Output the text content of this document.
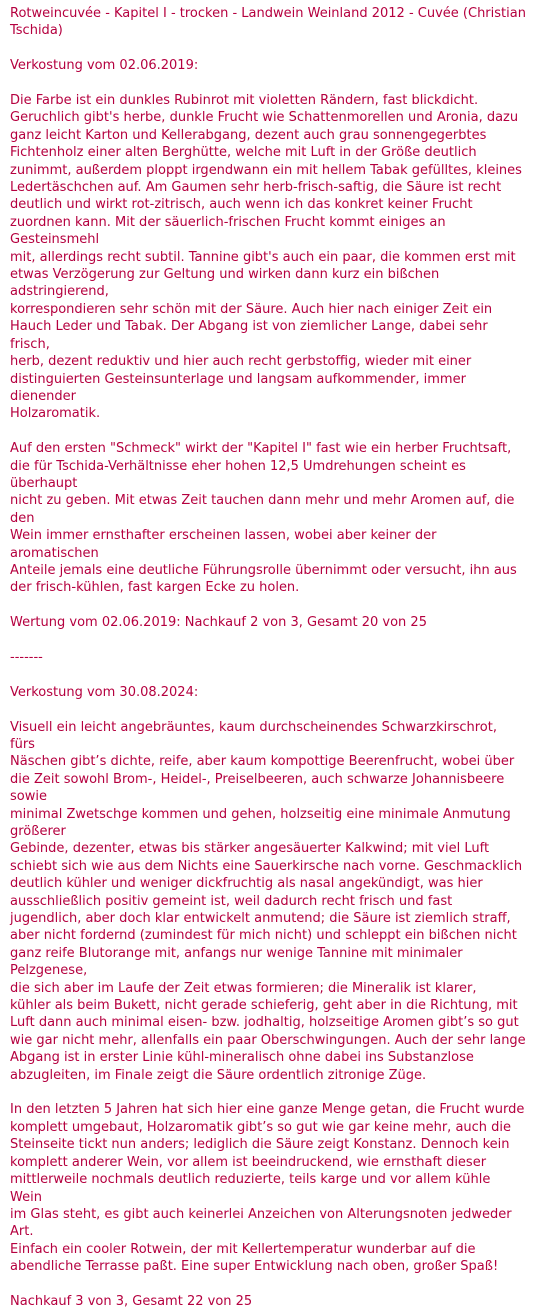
Rotweincuvée - Kapitel I - trocken - Landwein Weinland 2012 - Cuvée (Christian Tschida)

Verkostung vom 02.06.2019:

Die Farbe ist ein dunkles Rubinrot mit violetten Rändern, fast blickdicht.
Geruchlich gibt's herbe, dunkle Frucht wie Schattenmorellen und Aronia, dazu
ganz leicht Karton und Kellerabgang, dezent auch grau sonnengegerbtes
Fichtenholz einer alten Berghütte, welche mit Luft in der Größe deutlich
zunimmt, außerdem ploppt irgendwann ein mit hellem Tabak gefülltes, kleines
Ledertäschchen auf. Am Gaumen sehr herb-frisch-saftig, die Säure ist recht
deutlich und wirkt rot-zitrisch, auch wenn ich das konkret keiner Frucht
zuordnen kann. Mit der säuerlich-frischen Frucht kommt einiges an Gesteinsmehl
mit, allerdings recht subtil. Tannine gibt's auch ein paar, die kommen erst mit
etwas Verzögerung zur Geltung und wirken dann kurz ein bißchen adstringierend,
korrespondieren sehr schön mit der Säure. Auch hier nach einiger Zeit ein
Hauch Leder und Tabak. Der Abgang ist von ziemlicher Lange, dabei sehr frisch,
herb, dezent reduktiv und hier auch recht gerbstoffig, wieder mit einer
distinguierten Gesteinsunterlage und langsam aufkommender, immer dienender
Holzaromatik.

Auf den ersten "Schmeck" wirkt der "Kapitel I" fast wie ein herber Fruchtsaft,
die für Tschida-Verhältnisse eher hohen 12,5 Umdrehungen scheint es überhaupt
nicht zu geben. Mit etwas Zeit tauchen dann mehr und mehr Aromen auf, die den
Wein immer ernsthafter erscheinen lassen, wobei aber keiner der aromatischen
Anteile jemals eine deutliche Führungsrolle übernimmt oder versucht, ihn aus
der frisch-kühlen, fast kargen Ecke zu holen.

Wertung vom 02.06.2019: Nachkauf 2 von 3, Gesamt 20 von 25

-------

Verkostung vom 30.08.2024:

Visuell ein leicht angebräuntes, kaum durchscheinendes Schwarzkirschrot, fürs
Näschen gibt’s dichte, reife, aber kaum kompottige Beerenfrucht, wobei über
die Zeit sowohl Brom-, Heidel-, Preiselbeeren, auch schwarze Johannisbeere sowie
minimal Zwetschge kommen und gehen, holzseitig eine minimale Anmutung größerer
Gebinde, dezenter, etwas bis stärker angesäuerter Kalkwind; mit viel Luft
schiebt sich wie aus dem Nichts eine Sauerkirsche nach vorne. Geschmacklich
deutlich kühler und weniger dickfruchtig als nasal angekündigt, was hier
ausschließlich positiv gemeint ist, weil dadurch recht frisch und fast
jugendlich, aber doch klar entwickelt anmutend; die Säure ist ziemlich straff,
aber nicht fordernd (zumindest für mich nicht) und schleppt ein bißchen nicht
ganz reife Blutorange mit, anfangs nur wenige Tannine mit minimaler Pelzgenese,
die sich aber im Laufe der Zeit etwas formieren; die Mineralik ist klarer,
kühler als beim Bukett, nicht gerade schieferig, geht aber in die Richtung, mit
Luft dann auch minimal eisen- bzw. jodhaltig, holzseitige Aromen gibt’s so gut
wie gar nicht mehr, allenfalls ein paar Oberschwingungen. Auch der sehr lange
Abgang ist in erster Linie kühl-mineralisch ohne dabei ins Substanzlose
abzugleiten, im Finale zeigt die Säure ordentlich zitronige Züge.

In den letzten 5 Jahren hat sich hier eine ganze Menge getan, die Frucht wurde
komplett umgebaut, Holzaromatik gibt’s so gut wie gar keine mehr, auch die
Steinseite tickt nun anders; lediglich die Säure zeigt Konstanz. Dennoch kein
komplett anderer Wein, vor allem ist beeindruckend, wie ernsthaft dieser
mittlerweile nochmals deutlich reduzierte, teils karge und vor allem kühle Wein
im Glas steht, es gibt auch keinerlei Anzeichen von Alterungsnoten jedweder Art.
Einfach ein cooler Rotwein, der mit Kellertemperatur wunderbar auf die
abendliche Terrasse paßt. Eine super Entwicklung nach oben, großer Spaß!

Nachkauf 3 von 3, Gesamt 22 von 25
